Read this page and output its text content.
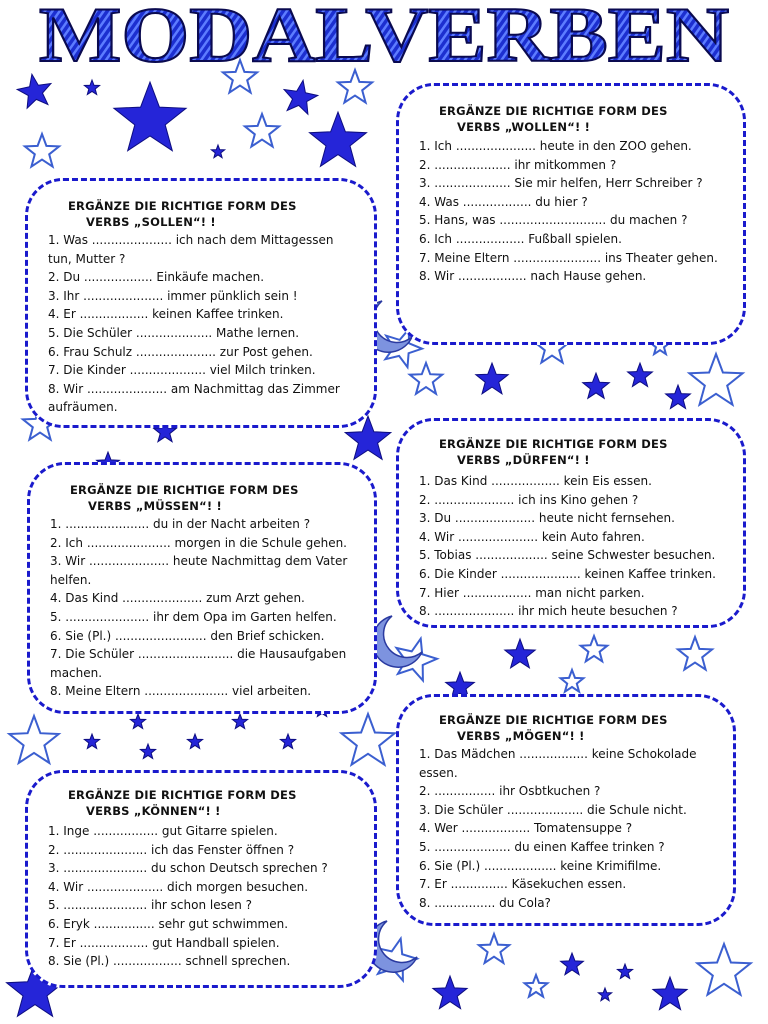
MODALVERBEN
ERGÄNZE DIE RICHTIGE FORM DES
VERBS „SOLLEN“! !
1. Was ..................... ich nach dem Mittagessen tun, Mutter ?
2. Du .................. Einkäufe machen.
3. Ihr ..................... immer pünklich sein !
4. Er .................. keinen Kaffee trinken.
5. Die Schüler .................... Mathe lernen.
6. Frau Schulz ..................... zur Post gehen.
7. Die Kinder .................... viel Milch trinken.
8. Wir ..................... am Nachmittag das Zimmer aufräumen.
ERGÄNZE DIE RICHTIGE FORM DES
VERBS „WOLLEN“! !
1. Ich ..................... heute in den ZOO gehen.
2. .................... ihr mitkommen ?
3. .................... Sie mir helfen, Herr Schreiber ?
4. Was .................. du hier ?
5. Hans, was ............................ du machen ?
6. Ich .................. Fußball spielen.
7. Meine Eltern ....................... ins Theater gehen.
8. Wir .................. nach Hause gehen.
ERGÄNZE DIE RICHTIGE FORM DES
VERBS „MÜSSEN“! !
1. ...................... du in der Nacht arbeiten ?
2. Ich ...................... morgen in die Schule gehen.
3. Wir ..................... heute Nachmittag dem Vater helfen.
4. Das Kind ..................... zum Arzt gehen.
5. ...................... ihr dem Opa im Garten helfen.
6. Sie (Pl.) ........................ den Brief schicken.
7. Die Schüler ......................... die Hausaufgaben machen.
8. Meine Eltern ...................... viel arbeiten.
ERGÄNZE DIE RICHTIGE FORM DES
VERBS „DÜRFEN“! !
1. Das Kind .................. kein Eis essen.
2. ..................... ich ins Kino gehen ?
3. Du ..................... heute nicht fernsehen.
4. Wir ..................... kein Auto fahren.
5. Tobias ................... seine Schwester besuchen.
6. Die Kinder ..................... keinen Kaffee trinken.
7. Hier .................. man nicht parken.
8. ..................... ihr mich heute besuchen ?
ERGÄNZE DIE RICHTIGE FORM DES
VERBS „MÖGEN“! !
1. Das Mädchen .................. keine Schokolade essen.
2. ................ ihr Osbtkuchen ?
3. Die Schüler .................... die Schule nicht.
4. Wer .................. Tomatensuppe ?
5. .................... du einen Kaffee trinken ?
6. Sie (Pl.) ................... keine Krimifilme.
7. Er ............... Käsekuchen essen.
8. ................ du Cola?
ERGÄNZE DIE RICHTIGE FORM DES
VERBS „KÖNNEN“! !
1. Inge ................. gut Gitarre spielen.
2. ...................... ich das Fenster öffnen ?
3. ...................... du schon Deutsch sprechen ?
4. Wir .................... dich morgen besuchen.
5. ...................... ihr schon lesen ?
6. Eryk ................ sehr gut schwimmen.
7. Er .................. gut Handball spielen.
8. Sie (Pl.) .................. schnell sprechen.
